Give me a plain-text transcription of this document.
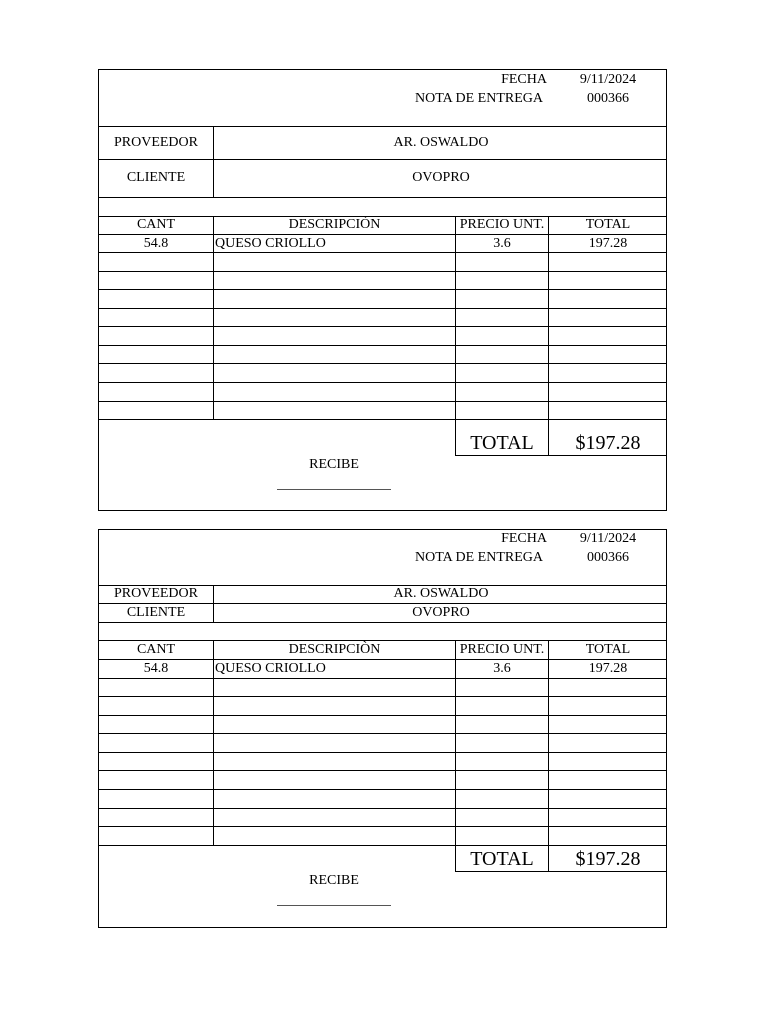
FECHA	9/11/2024
NOTA DE ENTREGA	000366
PROVEEDOR	AR. OSWALDO
CLIENTE	OVOPRO
CANT	DESCRIPCIÒN	PRECIO UNT.	TOTAL
54.8	QUESO CRIOLLO	3.6	197.28
TOTAL	$197.28
RECIBE
FECHA	9/11/2024
NOTA DE ENTREGA	000366
PROVEEDOR	AR. OSWALDO
CLIENTE	OVOPRO
CANT	DESCRIPCIÒN	PRECIO UNT.	TOTAL
54.8	QUESO CRIOLLO	3.6	197.28
TOTAL	$197.28
RECIBE
